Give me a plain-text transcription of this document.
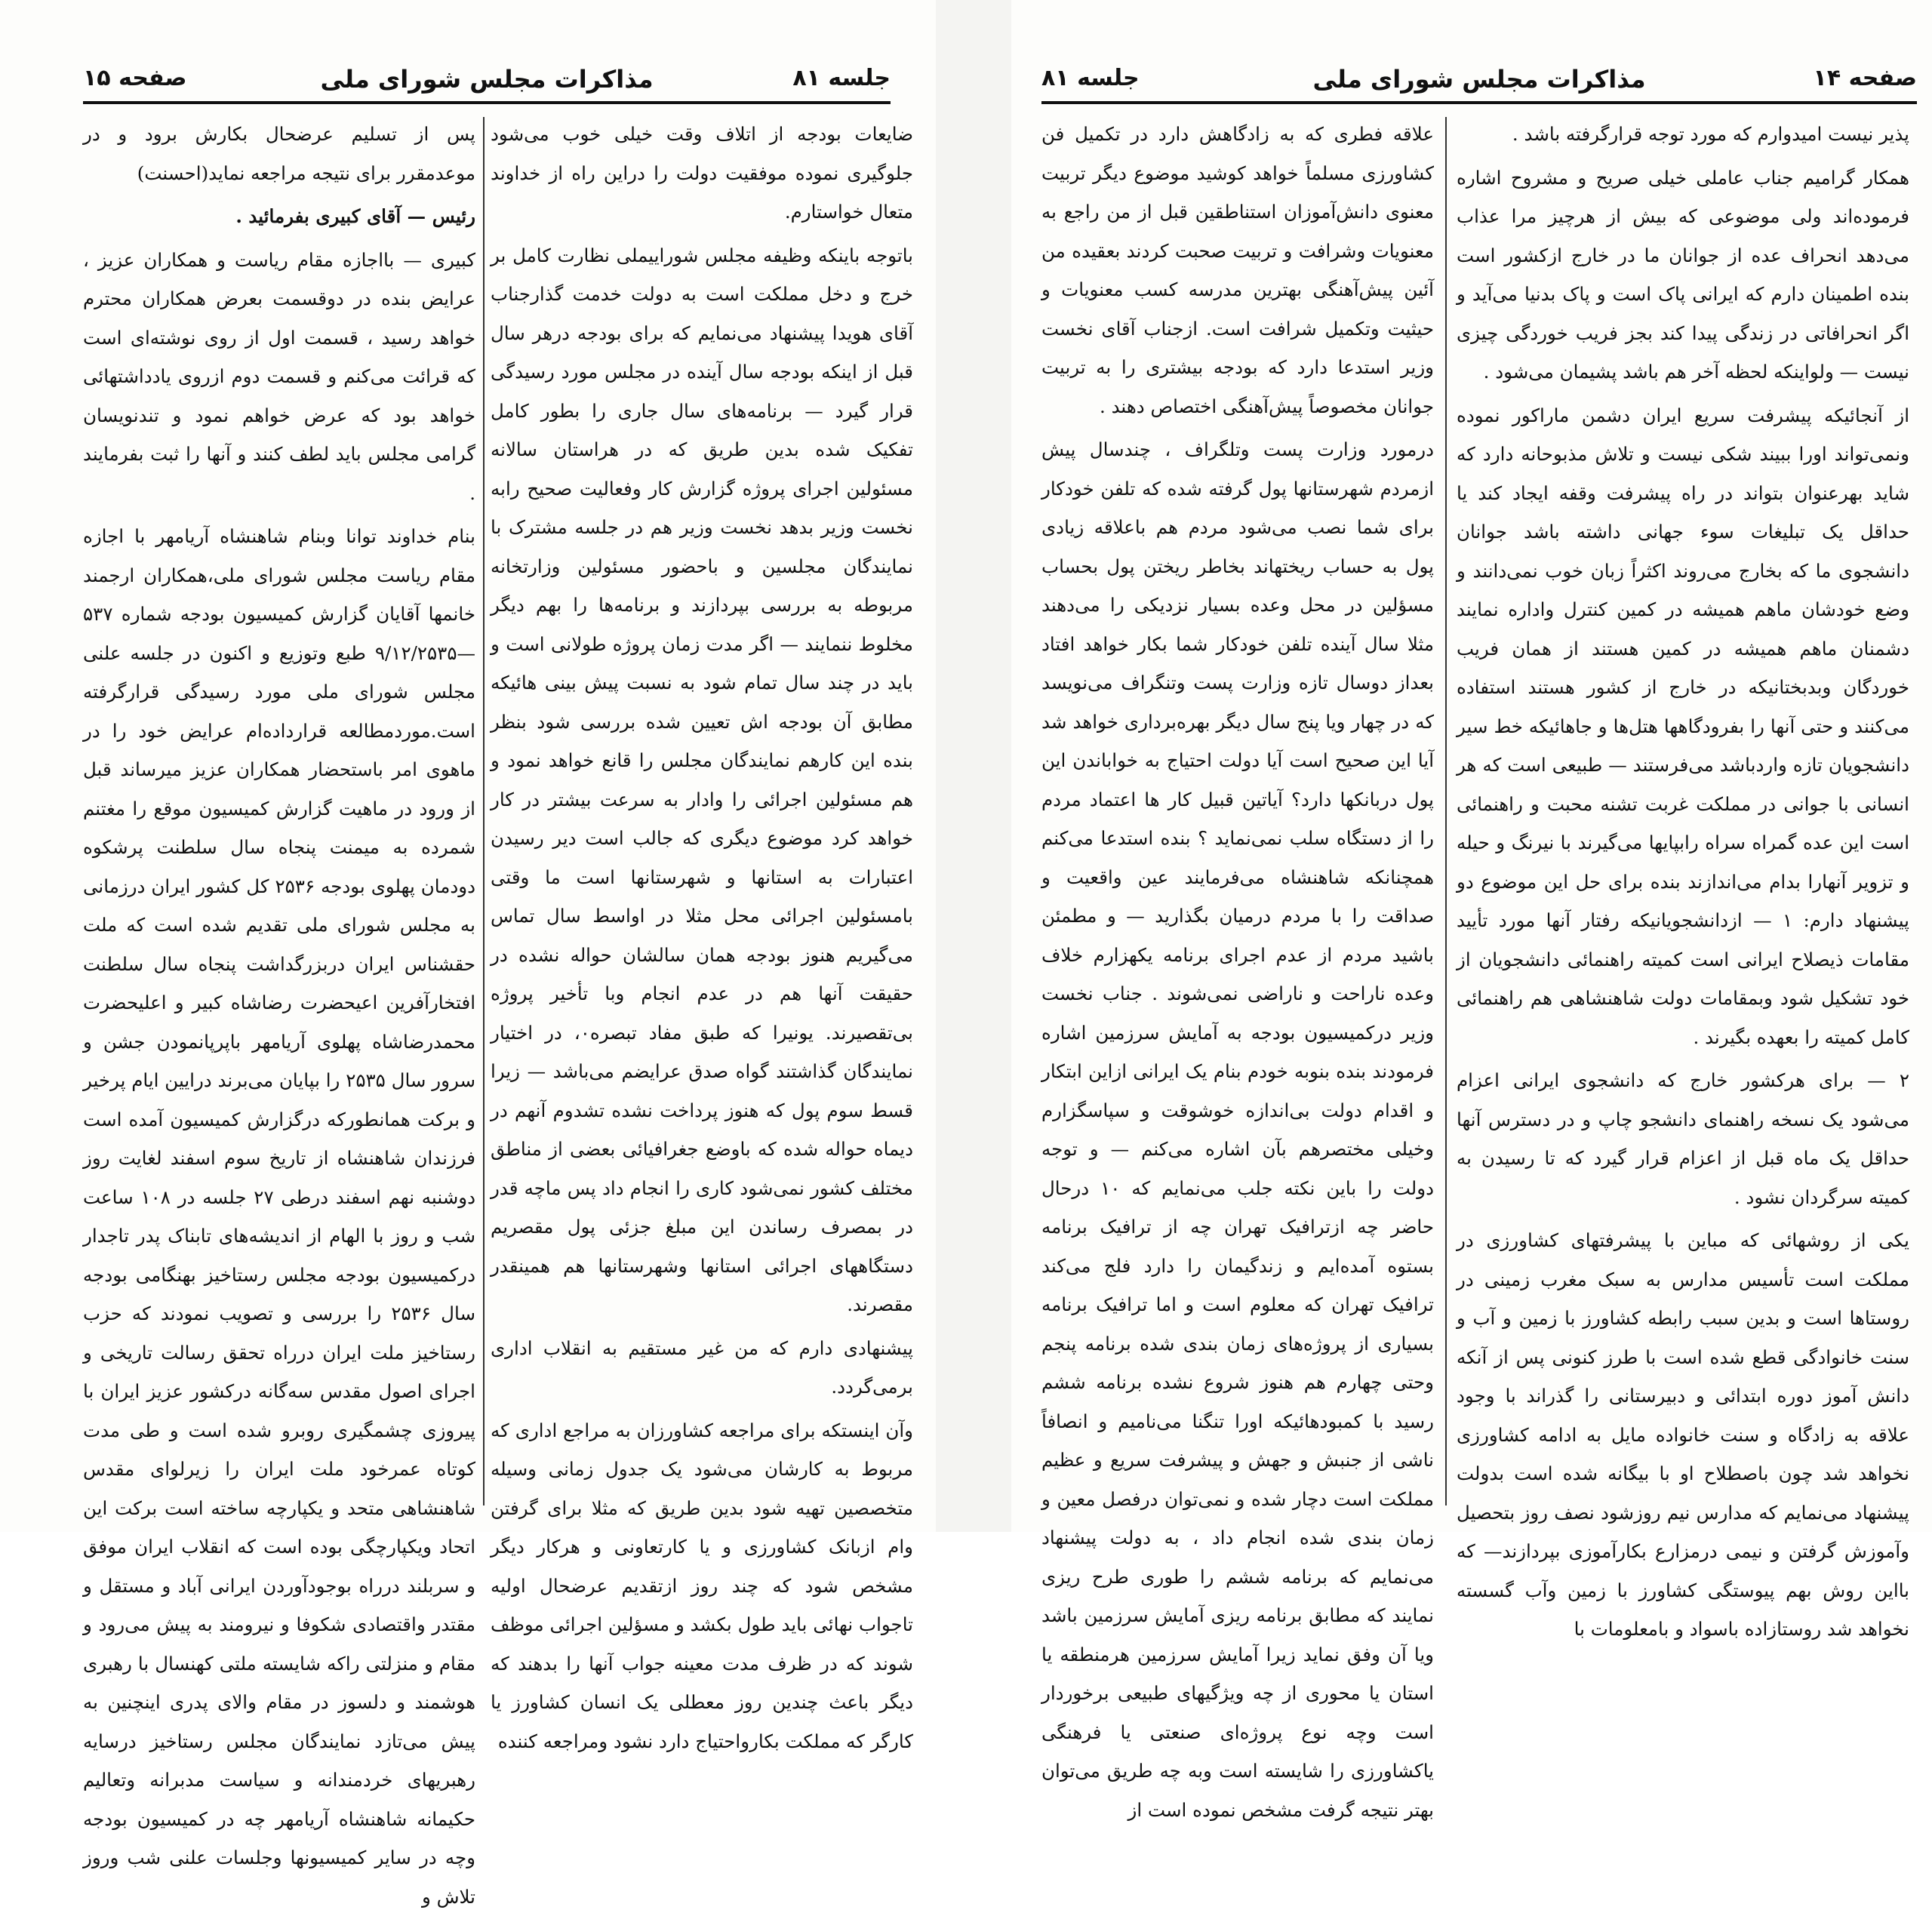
جلسه ۸۱
مذاکرات مجلس شورای ملی
صفحه ۱۵

ضایعات بودجه از اتلاف وقت خیلی خوب می‌شود جلوگیری نموده موفقیت دولت را دراین راه از خداوند متعال خواستارم.

باتوجه باینکه وظیفه مجلس شوراییملی نظارت کامل بر خرج و دخل مملکت است به دولت خدمت گذارجناب آقای هویدا پیشنهاد می‌نمایم که برای بودجه درهر سال قبل از اینکه بودجه سال آینده در مجلس مورد رسیدگی قرار گیرد — برنامه‌های سال جاری را بطور کامل تفکیک شده بدین طریق که در هراستان سالانه مسئولین اجرای پروژه گزارش کار وفعالیت صحیح رابه نخست وزیر بدهد نخست وزیر هم در جلسه مشترک با نمایندگان مجلسین و باحضور مسئولین وزارتخانه مربوطه به بررسی بپردازند و برنامه‌ها را بهم دیگر مخلوط ننمایند — اگر مدت زمان پروژه طولانی است و باید در چند سال تمام شود به نسبت پیش بینی هائیکه مطابق آن بودجه اش تعیین شده بررسی شود بنظر بنده این کارهم نمایندگان مجلس را قانع خواهد نمود و هم مسئولین اجرائی را وادار به سرعت بیشتر در کار خواهد کرد موضوع دیگری که جالب است دیر رسیدن اعتبارات به استانها و شهرستانها است ما وقتی بامسئولین اجرائی محل مثلا در اواسط سال تماس می‌گیریم هنوز بودجه همان سالشان حواله نشده در حقیقت آنها هم در عدم انجام وبا تأخیر پروژه بی‌تقصیرند. یونیرا که طبق مفاد تبصره۰، در اختیار نمایندگان گذاشتند گواه صدق عرایضم می‌باشد — زیرا قسط سوم پول که هنوز پرداخت نشده تشدوم آنهم در دیماه حواله شده که باوضع جغرافیائی بعضی از مناطق مختلف کشور نمی‌شود کاری را انجام داد پس ماچه قدر در بمصرف رساندن این مبلغ جزئی پول مقصریم دستگاههای اجرائی استانها وشهرستانها هم همینقدر مقصرند.

پیشنهادی دارم که من غیر مستقیم به انقلاب اداری برمی‌گردد.

وآن اینستکه برای مراجعه کشاورزان به مراجع اداری که مربوط به کارشان می‌شود یک جدول زمانی وسیله متخصصین تهیه شود بدین طریق که مثلا برای گرفتن وام ازبانک کشاورزی و یا کارتعاونی و هرکار دیگر مشخص شود که چند روز ازتقدیم عرضحال اولیه تاجواب نهائی باید طول بکشد و مسؤلین اجرائی موظف شوند که در ظرف مدت معینه جواب آنها را بدهند که دیگر باعث چندین روز معطلی یک انسان کشاورز یا کارگر که مملکت بکارواحتیاج دارد نشود ومراجعه کننده

پس از تسلیم عرضحال بکارش برود و در موعدمقرر برای نتیجه مراجعه نماید(احسنت)

رئیس — آقای کبیری بفرمائید .

کبیری — بااجازه مقام ریاست و همکاران عزیز ، عرایض بنده در دوقسمت بعرض همکاران محترم خواهد رسید ، قسمت اول از روی نوشته‌ای است که قرائت می‌کنم و قسمت دوم ازروی یادداشتهائی خواهد بود که عرض خواهم نمود و تندنویسان گرامی مجلس باید لطف کنند و آنها را ثبت بفرمایند .

بنام خداوند توانا وبنام شاهنشاه آریامهر با اجازه مقام ریاست مجلس شورای ملی،همکاران ارجمند خانمها آقایان گزارش کمیسیون بودجه شماره ۵۳۷—۹/۱۲/۲۵۳۵ طبع وتوزیع و اکنون در جلسه علنی مجلس شورای ملی مورد رسیدگی قرارگرفته است.موردمطالعه قرارداده‌ام عرایض خود را در ماهوی امر باستحضار همکاران عزیز میرساند قبل از ورود در ماهیت گزارش کمیسیون موقع را مغتنم شمرده به میمنت پنجاه سال سلطنت پرشکوه دودمان پهلوی بودجه ۲۵۳۶ کل کشور ایران درزمانی به مجلس شورای ملی تقدیم شده است که ملت حقشناس ایران دربزرگداشت پنجاه سال سلطنت افتخارآفرین اعیحضرت رضاشاه کبیر و اعلیحضرت محمدرضاشاه پهلوی آریامهر باپرپانمودن جشن و سرور سال ۲۵۳۵ را بپایان می‌برند درایین ایام پرخیر و برکت همانطورکه درگزارش کمیسیون آمده است فرزندان شاهنشاه از تاریخ سوم اسفند لغایت روز دوشنبه نهم اسفند درطی ۲۷ جلسه در ۱۰۸ ساعت شب و روز با الهام از اندیشه‌های تابناک پدر تاجدار درکمیسیون بودجه مجلس رستاخیز بهنگامی بودجه سال ۲۵۳۶ را بررسی و تصویب نمودند که حزب رستاخیز ملت ایران درراه تحقق رسالت تاریخی و اجرای اصول مقدس سه‌گانه درکشور عزیز ایران با پیروزی چشمگیری روبرو شده است و طی مدت کوتاه عمرخود ملت ایران را زیرلوای مقدس شاهنشاهی متحد و یکپارچه ساخته است برکت این اتحاد ویکپارچگی بوده است که انقلاب ایران موفق و سربلند درراه بوجودآوردن ایرانی آباد و مستقل و مقتدر واقتصادی شکوفا و نیرومند به پیش می‌رود و مقام و منزلتی راکه شایسته ملتی کهنسال با رهبری هوشمند و دلسوز در مقام والای پدری اینچنین به پیش می‌تازد نمایندگان مجلس رستاخیز درسایه رهبریهای خردمندانه و سیاست مدبرانه وتعالیم حکیمانه شاهنشاه آریامهر چه در کمیسیون بودجه وچه در سایر کمیسیونها وجلسات علنی شب وروز تلاش و

صفحه ۱۴
مذاکرات مجلس شورای ملی
جلسه ۸۱

پذیر نیست امیدوارم که مورد توجه قرارگرفته باشد .

همکار گرامیم جناب عاملی خیلی صریح و مشروح اشاره فرموده‌اند ولی موضوعی که بیش از هرچیز مرا عذاب می‌دهد انحراف عده از جوانان ما در خارج ازکشور است بنده اطمینان دارم که ایرانی پاک است و پاک بدنیا می‌آید و اگر انحرافاتی در زندگی پیدا کند بجز فریب خوردگی چیزی نیست — ولواینکه لحظه آخر هم باشد پشیمان می‌شود .

از آنجائیکه پیشرفت سریع ایران دشمن ماراکور نموده ونمی‌تواند اورا ببیند شکی نیست و تلاش مذبوحانه دارد که شاید بهرعنوان بتواند در راه پیشرفت وقفه ایجاد کند یا حداقل یک تبلیغات سوء جهانی داشته باشد جوانان دانشجوی ما که بخارج می‌روند اکثراً زبان خوب نمی‌دانند و وضع خودشان ماهم همیشه در کمین کنترل واداره نمایند دشمنان ماهم همیشه در کمین هستند از همان فریب خوردگان وبدبختانیکه در خارج از کشور هستند استفاده می‌کنند و حتی آنها را بفرودگاهها هتل‌ها و جاهائیکه خط سیر دانشجویان تازه واردباشد می‌فرستند — طبیعی است که هر انسانی با جوانی در مملکت غربت تشنه محبت و راهنمائی است این عده گمراه سراه رابپایها می‌گیرند با نیرنگ و حیله و تزویر آنهارا بدام می‌اندازند بنده برای حل این موضوع دو پیشنهاد دارم: ۱ — ازدانشجویانیکه رفتار آنها مورد تأیید مقامات ذیصلاح ایرانی است کمیته راهنمائی دانشجویان از خود تشکیل شود وبمقامات دولت شاهنشاهی هم راهنمائی کامل کمیته را بعهده بگیرند .

۲ — برای هرکشور خارج که دانشجوی ایرانی اعزام می‌شود یک نسخه راهنمای دانشجو چاپ و در دسترس آنها حداقل یک ماه قبل از اعزام قرار گیرد که تا رسیدن به کمیته سرگردان نشود .

یکی از روشهائی که مباین با پیشرفتهای کشاورزی در مملکت است تأسیس مدارس به سبک مغرب زمینی در روستاها است و بدین سبب رابطه کشاورز با زمین و آب و سنت خانوادگی قطع شده است با طرز کنونی پس از آنکه دانش آموز دوره ابتدائی و دبیرستانی را گذراند با وجود علاقه به زادگاه و سنت خانواده مایل به ادامه کشاورزی نخواهد شد چون باصطلاح او با بیگانه شده است بدولت پیشنهاد می‌نمایم که مدارس نیم روزشود نصف روز بتحصیل وآموزش گرفتن و نیمی درمزارع بکارآموزی بپردازند— که بااین روش بهم پیوستگی کشاورز با زمین وآب گسسته نخواهد شد روستازاده باسواد و بامعلومات با

علاقه فطری که به زادگاهش دارد در تکمیل فن کشاورزی مسلماً خواهد کوشید موضوع دیگر تربیت معنوی دانش‌آموزان استناطقین قبل از من راجع به معنویات وشرافت و تربیت صحبت کردند بعقیده من آئین پیش‌آهنگی بهترین مدرسه کسب معنویات و حیثیت وتکمیل شرافت است. ازجناب آقای نخست وزیر استدعا دارد که بودجه بیشتری را به تربیت جوانان مخصوصاً پیش‌آهنگی اختصاص دهند .

درمورد وزارت پست وتلگراف ، چندسال پیش ازمردم شهرستانها پول گرفته شده که تلفن خودکار برای شما نصب می‌شود مردم هم باعلاقه زیادی پول به حساب ریختهاند بخاطر ریختن پول بحساب مسؤلین در محل وعده بسیار نزدیکی را می‌دهند مثلا سال آینده تلفن خودکار شما بکار خواهد افتاد بعداز دوسال تازه وزارت پست وتنگراف می‌نویسد که در چهار ویا پنج سال دیگر بهره‌برداری خواهد شد آیا این صحیح است آیا دولت احتیاج به خواباندن این پول دربانکها دارد؟ آیاتین قبیل کار ها اعتماد مردم را از دستگاه سلب نمی‌نماید ؟ بنده استدعا می‌کنم همچنانکه شاهنشاه می‌فرمایند عین واقعیت و صداقت را با مردم درمیان بگذارید — و مطمئن باشید مردم از عدم اجرای برنامه یکهزارم خلاف وعده ناراحت و ناراضی نمی‌شوند . جناب نخست وزیر درکمیسیون بودجه به آمایش سرزمین اشاره فرمودند بنده بنوبه خودم بنام یک ایرانی ازاین ابتکار و اقدام دولت بی‌اندازه خوشوقت و سپاسگزارم وخیلی مختصرهم بآن اشاره می‌کنم — و توجه دولت را باین نکته جلب می‌نمایم که ۱۰ درحال حاضر چه ازترافیک تهران چه از ترافیک برنامه بستوه آمده‌ایم و زندگیمان را دارد فلج می‌کند ترافیک تهران که معلوم است و اما ترافیک برنامه بسیاری از پروژه‌های زمان بندی شده برنامه پنجم وحتی چهارم هم هنوز شروع نشده برنامه ششم رسید با کمبودهائیکه اورا تنگنا می‌نامیم و انصافاً ناشی از جنبش و جهش و پیشرفت سریع و عظیم مملکت است دچار شده و نمی‌توان درفصل معین و زمان بندی شده انجام داد ، به دولت پیشنهاد می‌نمایم که برنامه ششم را طوری طرح ریزی نمایند که مطابق برنامه ریزی آمایش سرزمین باشد ویا آن وفق نماید زیرا آمایش سرزمین هرمنطقه یا استان یا محوری از چه ویژگیهای طبیعی برخوردار است وچه نوع پروژه‌ای صنعتی یا فرهنگی یاکشاورزی را شایسته است وبه چه طریق می‌توان بهتر نتیجه گرفت مشخص نموده است از
